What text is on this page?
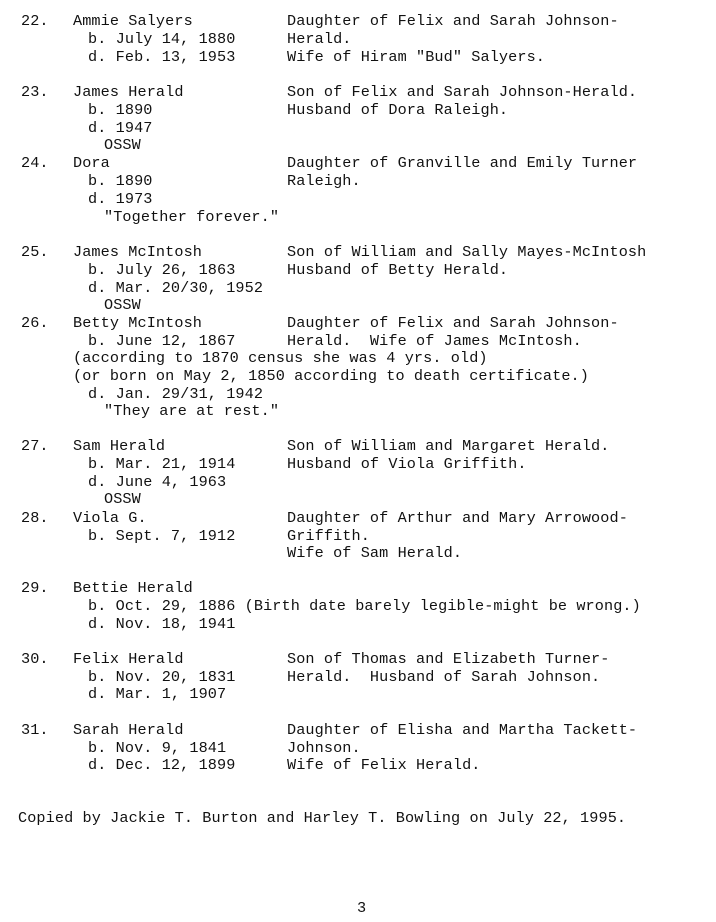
22. Ammie Salyers
b. July 14, 1880
d. Feb. 13, 1953
Daughter of Felix and Sarah Johnson-
Herald.
Wife of Hiram "Bud" Salyers.
23. James Herald
b. 1890
d. 1947
OSSW
Son of Felix and Sarah Johnson-Herald.
Husband of Dora Raleigh.
24. Dora
b. 1890
d. 1973
"Together forever."
Daughter of Granville and Emily Turner
Raleigh.
25. James McIntosh
b. July 26, 1863
d. Mar. 20/30, 1952
OSSW
Son of William and Sally Mayes-McIntosh
Husband of Betty Herald.
26. Betty McIntosh
b. June 12, 1867
(according to 1870 census she was 4 yrs. old)
(or born on May 2, 1850 according to death certificate.)
d. Jan. 29/31, 1942
"They are at rest."
Daughter of Felix and Sarah Johnson-
Herald.  Wife of James McIntosh.
27. Sam Herald
b. Mar. 21, 1914
d. June 4, 1963
OSSW
Son of William and Margaret Herald.
Husband of Viola Griffith.
28. Viola G.
b. Sept. 7, 1912
Daughter of Arthur and Mary Arrowood-
Griffith.
Wife of Sam Herald.
29. Bettie Herald
b. Oct. 29, 1886 (Birth date barely legible-might be wrong.)
d. Nov. 18, 1941
30. Felix Herald
b. Nov. 20, 1831
d. Mar. 1, 1907
Son of Thomas and Elizabeth Turner-
Herald.  Husband of Sarah Johnson.
31. Sarah Herald
b. Nov. 9, 1841
d. Dec. 12, 1899
Daughter of Elisha and Martha Tackett-
Johnson.
Wife of Felix Herald.
Copied by Jackie T. Burton and Harley T. Bowling on July 22, 1995.
3
